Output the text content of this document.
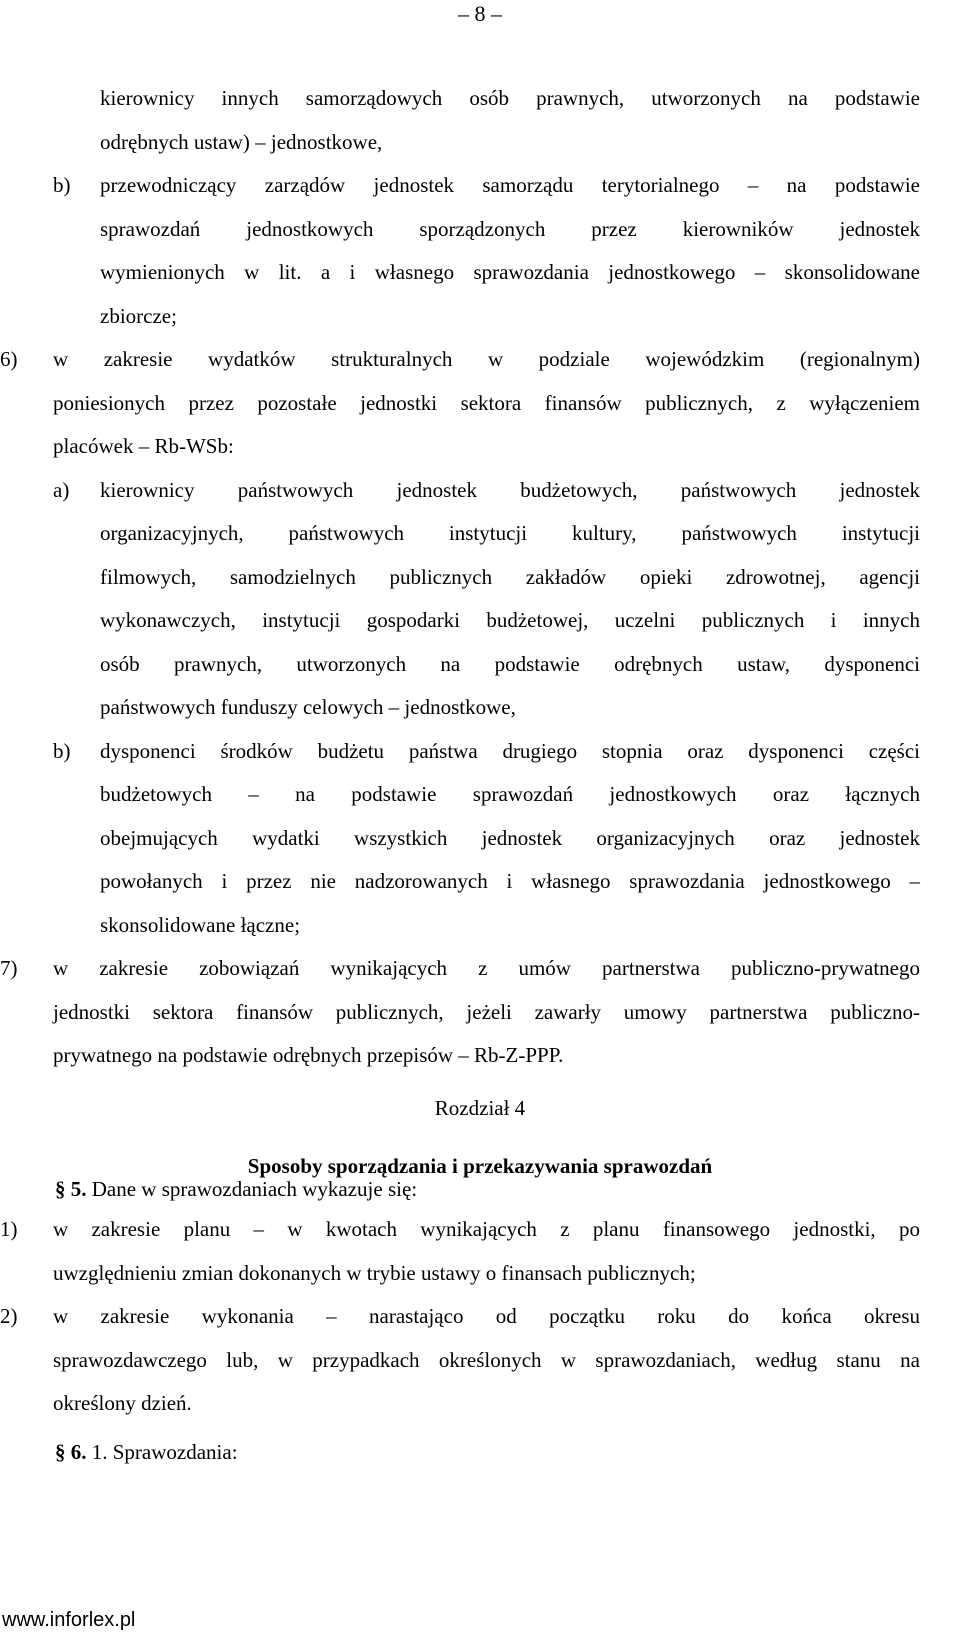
– 8 –
kierownicy innych samorządowych osób prawnych, utworzonych na podstawie
odrębnych ustaw) – jednostkowe,
b) przewodniczący zarządów jednostek samorządu terytorialnego – na podstawie
sprawozdań jednostkowych sporządzonych przez kierowników jednostek
wymienionych w lit. a i własnego sprawozdania jednostkowego – skonsolidowane
zbiorcze;
6) w zakresie wydatków strukturalnych w podziale wojewódzkim (regionalnym)
poniesionych przez pozostałe jednostki sektora finansów publicznych, z wyłączeniem
placówek – Rb-WSb:
a) kierownicy państwowych jednostek budżetowych, państwowych jednostek
organizacyjnych, państwowych instytucji kultury, państwowych instytucji
filmowych, samodzielnych publicznych zakładów opieki zdrowotnej, agencji
wykonawczych, instytucji gospodarki budżetowej, uczelni publicznych i innych
osób prawnych, utworzonych na podstawie odrębnych ustaw, dysponenci
państwowych funduszy celowych – jednostkowe,
b) dysponenci środków budżetu państwa drugiego stopnia oraz dysponenci części
budżetowych – na podstawie sprawozdań jednostkowych oraz łącznych
obejmujących wydatki wszystkich jednostek organizacyjnych oraz jednostek
powołanych i przez nie nadzorowanych i własnego sprawozdania jednostkowego –
skonsolidowane łączne;
7) w zakresie zobowiązań wynikających z umów partnerstwa publiczno-prywatnego
jednostki sektora finansów publicznych, jeżeli zawarły umowy partnerstwa publiczno-
prywatnego na podstawie odrębnych przepisów – Rb-Z-PPP.
Rozdział 4
Sposoby sporządzania i przekazywania sprawozdań
§ 5. Dane w sprawozdaniach wykazuje się:
1) w zakresie planu – w kwotach wynikających z planu finansowego jednostki, po
uwzględnieniu zmian dokonanych w trybie ustawy o finansach publicznych;
2) w zakresie wykonania – narastająco od początku roku do końca okresu
sprawozdawczego lub, w przypadkach określonych w sprawozdaniach, według stanu na
określony dzień.
§ 6. 1. Sprawozdania:
www.inforlex.pl
